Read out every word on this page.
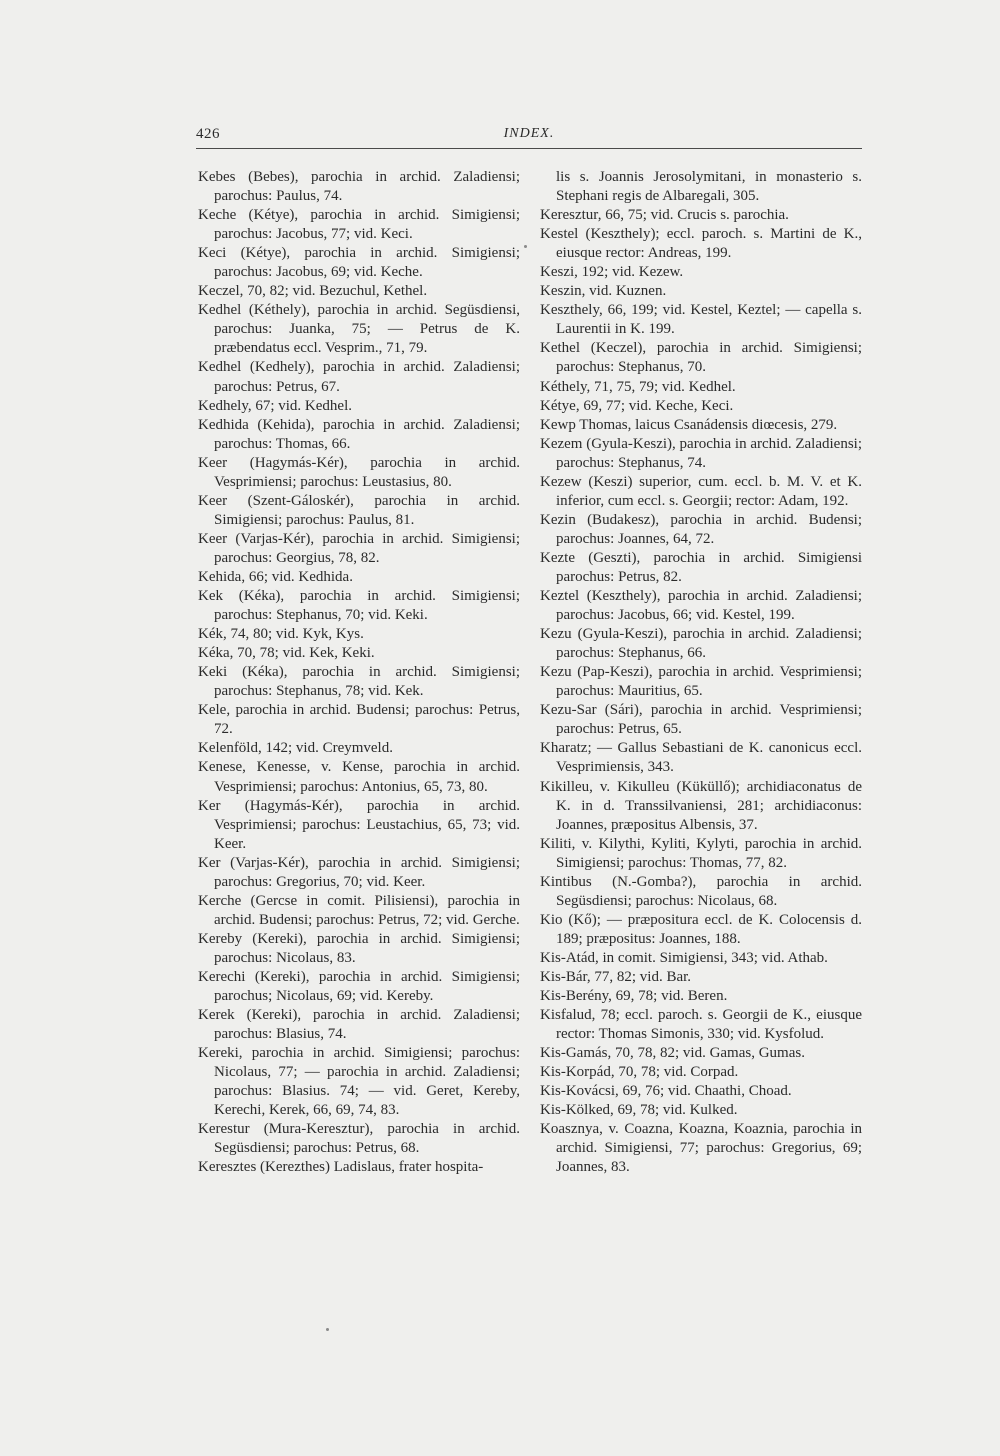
426	INDEX.

Kebes (Bebes), parochia in archid. Zaladiensi; parochus: Paulus, 74.

Keche (Kétye), parochia in archid. Simigiensi; parochus: Jacobus, 77; vid. Keci.

Keci (Kétye), parochia in archid. Simigiensi; parochus: Jacobus, 69; vid. Keche.

Keczel, 70, 82; vid. Bezuchul, Kethel.

Kedhel (Kéthely), parochia in archid. Següsdiensi, parochus: Juanka, 75; — Petrus de K. præbendatus eccl. Vesprim., 71, 79.

Kedhel (Kedhely), parochia in archid. Zaladiensi; parochus: Petrus, 67.

Kedhely, 67; vid. Kedhel.

Kedhida (Kehida), parochia in archid. Zaladiensi; parochus: Thomas, 66.

Keer (Hagymás-Kér), parochia in archid. Vesprimiensi; parochus: Leustasius, 80.

Keer (Szent-Gáloskér), parochia in archid. Simigiensi; parochus: Paulus, 81.

Keer (Varjas-Kér), parochia in archid. Simigiensi; parochus: Georgius, 78, 82.

Kehida, 66; vid. Kedhida.

Kek (Kéka), parochia in archid. Simigiensi; parochus: Stephanus, 70; vid. Keki.

Kék, 74, 80; vid. Kyk, Kys.

Kéka, 70, 78; vid. Kek, Keki.

Keki (Kéka), parochia in archid. Simigiensi; parochus: Stephanus, 78; vid. Kek.

Kele, parochia in archid. Budensi; parochus: Petrus, 72.

Kelenföld, 142; vid. Creymveld.

Kenese, Kenesse, v. Kense, parochia in archid. Vesprimiensi; parochus: Antonius, 65, 73, 80.

Ker (Hagymás-Kér), parochia in archid. Vesprimiensi; parochus: Leustachius, 65, 73; vid. Keer.

Ker (Varjas-Kér), parochia in archid. Simigiensi; parochus: Gregorius, 70; vid. Keer.

Kerche (Gercse in comit. Pilisiensi), parochia in archid. Budensi; parochus: Petrus, 72; vid. Gerche.

Kereby (Kereki), parochia in archid. Simigiensi; parochus: Nicolaus, 83.

Kerechi (Kereki), parochia in archid. Simigiensi; parochus; Nicolaus, 69; vid. Kereby.

Kerek (Kereki), parochia in archid. Zaladiensi; parochus: Blasius, 74.

Kereki, parochia in archid. Simigiensi; parochus: Nicolaus, 77; — parochia in archid. Zaladiensi; parochus: Blasius. 74; — vid. Geret, Kereby, Kerechi, Kerek, 66, 69, 74, 83.

Kerestur (Mura-Keresztur), parochia in archid. Següsdiensi; parochus: Petrus, 68.

Keresztes (Kerezthes) Ladislaus, frater hospita-

lis s. Joannis Jerosolymitani, in monasterio s. Stephani regis de Albaregali, 305.

Keresztur, 66, 75; vid. Crucis s. parochia.

Kestel (Keszthely); eccl. paroch. s. Martini de K., eiusque rector: Andreas, 199.

Keszi, 192; vid. Kezew.

Keszin, vid. Kuznen.

Keszthely, 66, 199; vid. Kestel, Keztel; — capella s. Laurentii in K. 199.

Kethel (Keczel), parochia in archid. Simigiensi; parochus: Stephanus, 70.

Kéthely, 71, 75, 79; vid. Kedhel.

Kétye, 69, 77; vid. Keche, Keci.

Kewp Thomas, laicus Csanádensis diœcesis, 279.

Kezem (Gyula-Keszi), parochia in archid. Zaladiensi; parochus: Stephanus, 74.

Kezew (Keszi) superior, cum. eccl. b. M. V. et K. inferior, cum eccl. s. Georgii; rector: Adam, 192.

Kezin (Budakesz), parochia in archid. Budensi; parochus: Joannes, 64, 72.

Kezte (Geszti), parochia in archid. Simigiensi parochus: Petrus, 82.

Keztel (Keszthely), parochia in archid. Zaladiensi; parochus: Jacobus, 66; vid. Kestel, 199.

Kezu (Gyula-Keszi), parochia in archid. Zaladiensi; parochus: Stephanus, 66.

Kezu (Pap-Keszi), parochia in archid. Vesprimiensi; parochus: Mauritius, 65.

Kezu-Sar (Sári), parochia in archid. Vesprimiensi; parochus: Petrus, 65.

Kharatz; — Gallus Sebastiani de K. canonicus eccl. Vesprimiensis, 343.

Kikilleu, v. Kikulleu (Küküllő); archidiaconatus de K. in d. Transsilvaniensi, 281; archidiaconus: Joannes, præpositus Albensis, 37.

Kiliti, v. Kilythi, Kyliti, Kylyti, parochia in archid. Simigiensi; parochus: Thomas, 77, 82.

Kintibus (N.-Gomba?), parochia in archid. Següsdiensi; parochus: Nicolaus, 68.

Kio (Kő); — præpositura eccl. de K. Colocensis d. 189; præpositus: Joannes, 188.

Kis-Atád, in comit. Simigiensi, 343; vid. Athab.

Kis-Bár, 77, 82; vid. Bar.

Kis-Berény, 69, 78; vid. Beren.

Kisfalud, 78; eccl. paroch. s. Georgii de K., eiusque rector: Thomas Simonis, 330; vid. Kysfolud.

Kis-Gamás, 70, 78, 82; vid. Gamas, Gumas.

Kis-Korpád, 70, 78; vid. Corpad.

Kis-Kovácsi, 69, 76; vid. Chaathi, Choad.

Kis-Kölked, 69, 78; vid. Kulked.

Koasznya, v. Coazna, Koazna, Koaznia, parochia in archid. Simigiensi, 77; parochus: Gregorius, 69; Joannes, 83.
